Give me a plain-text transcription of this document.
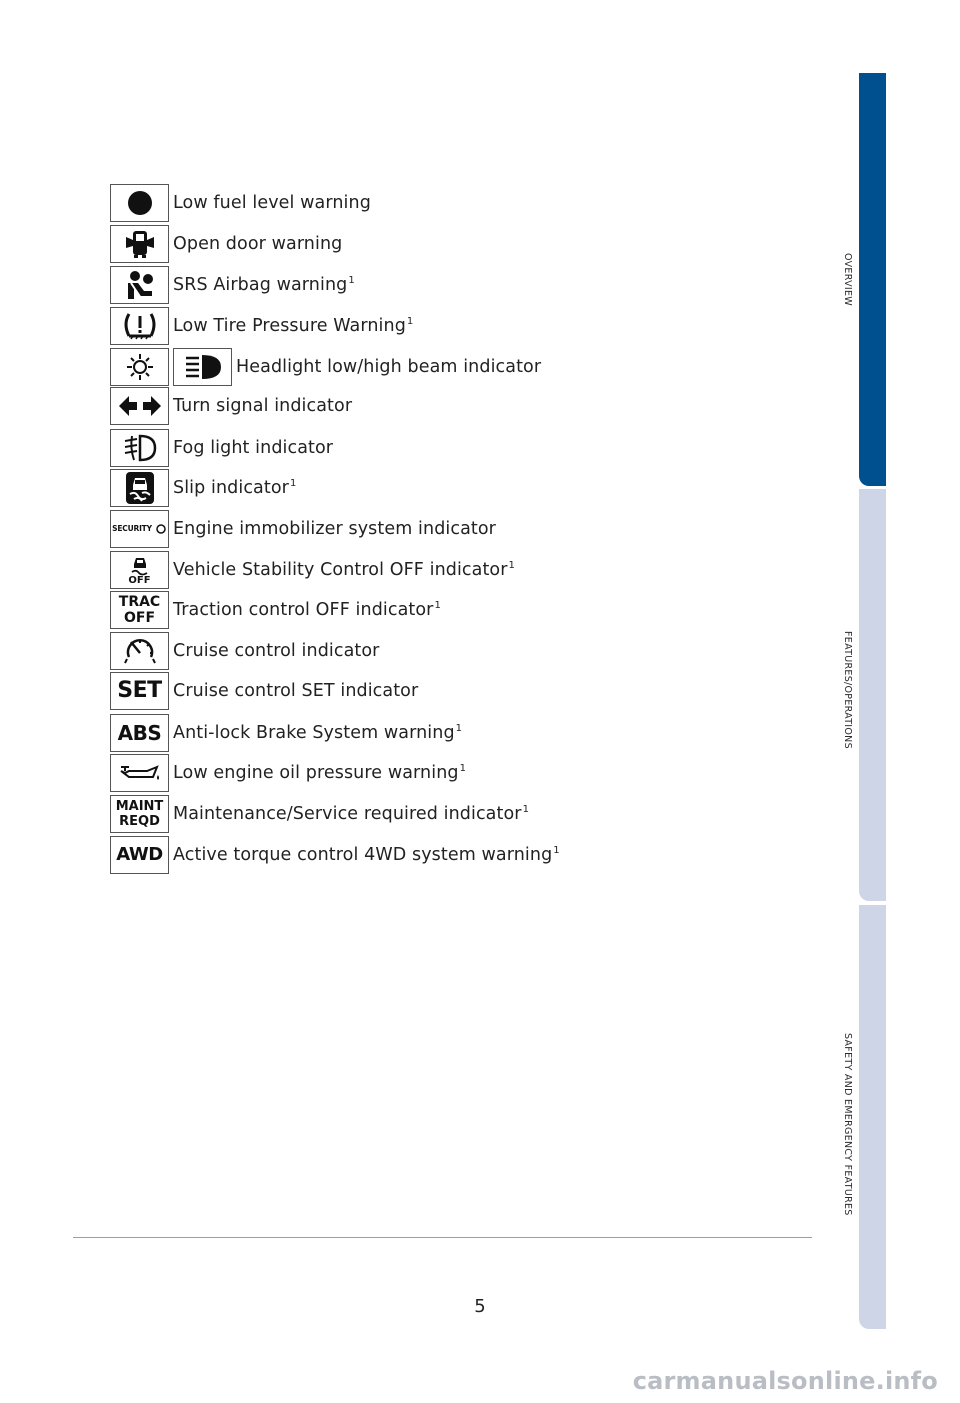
Low fuel level warning
Open door warning
SRS Airbag warning$^1$
Low Tire Pressure Warning$^1$
Headlight low/high beam indicator
Turn signal indicator
Fog light indicator
Slip indicator$^1$
SECURITY Engine immobilizer system indicator
OFF Vehicle Stability Control OFF indicator$^1$
TRAC
OFF Traction control OFF indicator$^1$
Cruise control indicator
SET Cruise control SET indicator
ABS Anti-lock Brake System warning$^1$
Low engine oil pressure warning$^1$
MAINT
REQD Maintenance/Service required indicator$^1$
AWD Active torque control 4WD system warning$^1$
OVERVIEW
FEATURES/OPERATIONS
SAFETY AND EMERGENCY FEATURES
5
carmanualsonline.info
